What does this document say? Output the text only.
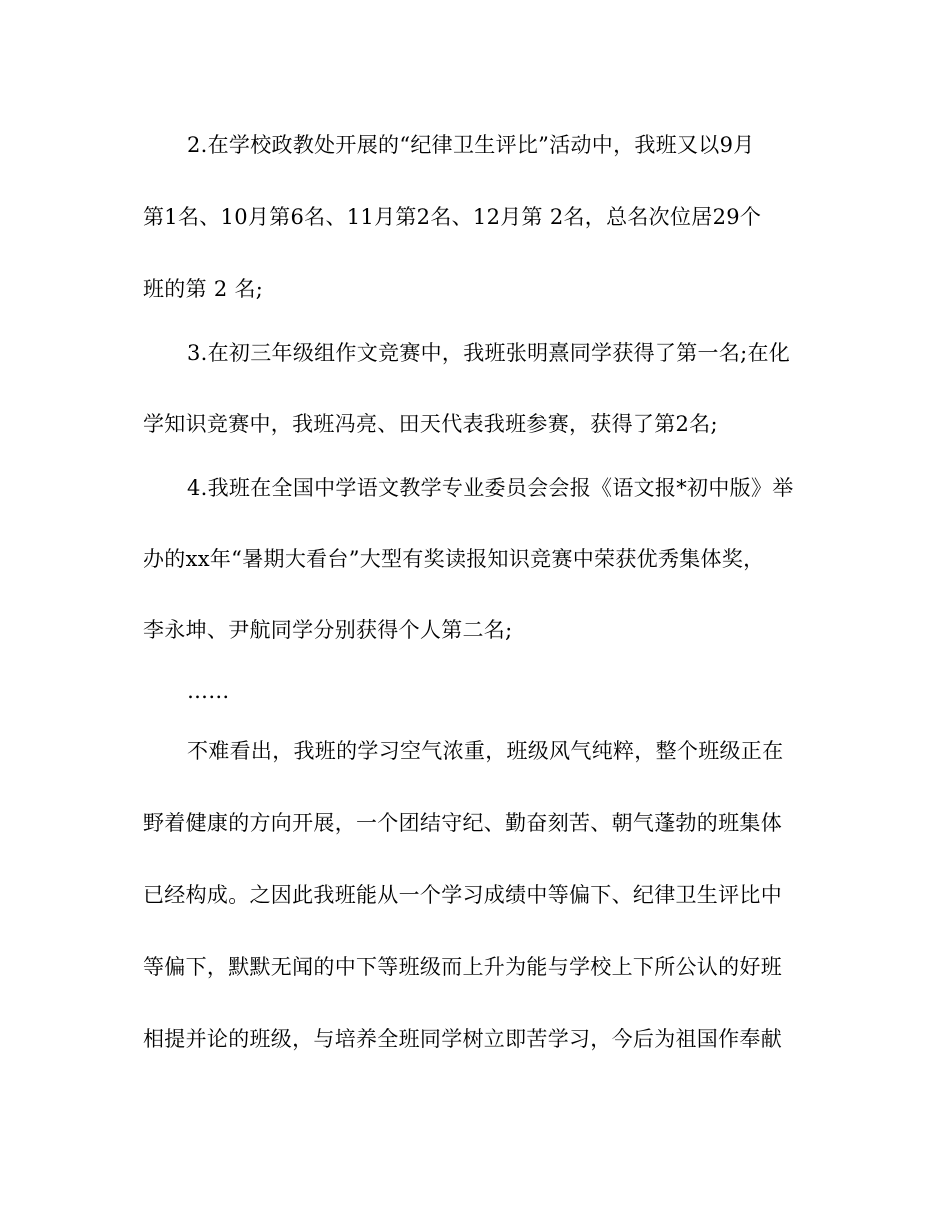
2.在学校政教处开展的“纪律卫生评比”活动中，我班又以9月
第1名、10月第6名、11月第2名、12月第 2名，总名次位居29个
班的第 2 名;
3.在初三年级组作文竞赛中，我班张明熹同学获得了第一名;在化
学知识竞赛中，我班冯亮、田天代表我班参赛，获得了第2名;
4.我班在全国中学语文教学专业委员会会报《语文报*初中版》举
办的xx年“暑期大看台”大型有奖读报知识竞赛中荣获优秀集体奖，
李永坤、尹航同学分别获得个人第二名;
……
不难看出，我班的学习空气浓重，班级风气纯粹，整个班级正在
野着健康的方向开展，一个团结守纪、勤奋刻苦、朝气蓬勃的班集体
已经构成。之因此我班能从一个学习成绩中等偏下、纪律卫生评比中
等偏下，默默无闻的中下等班级而上升为能与学校上下所公认的好班
相提并论的班级，与培养全班同学树立即苦学习，今后为祖国作奉献
